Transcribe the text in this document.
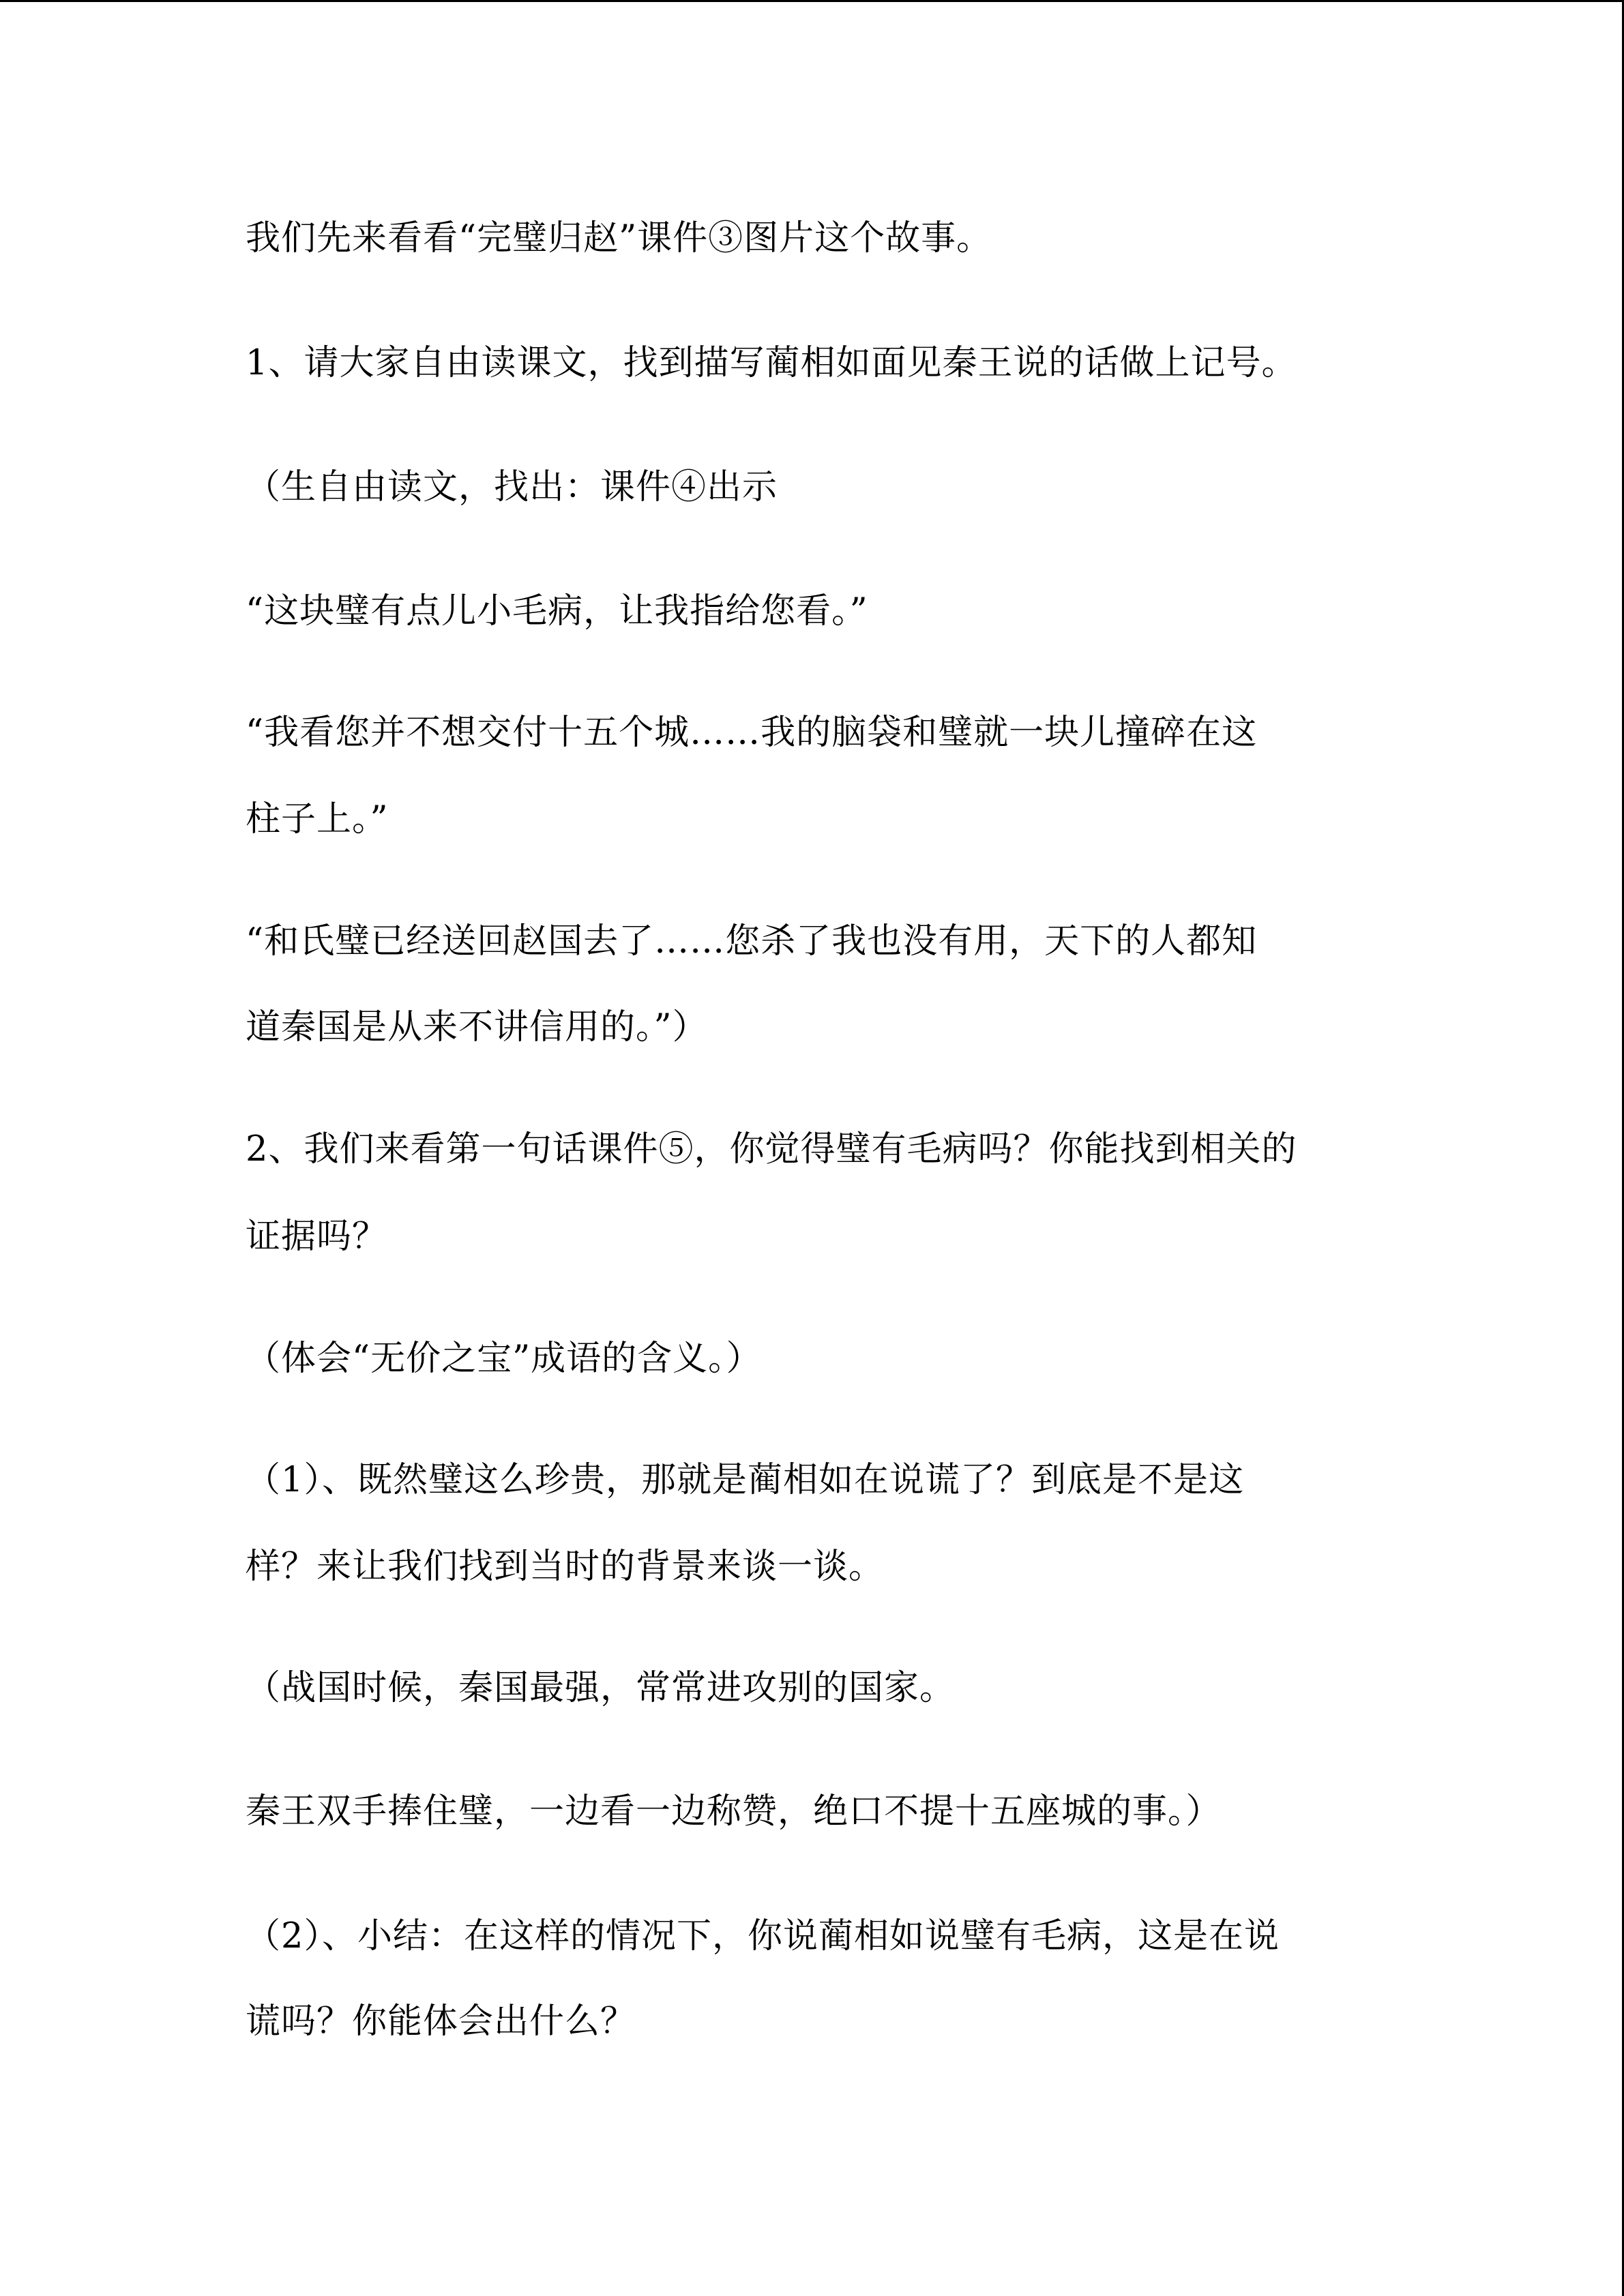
我们先来看看“完璧归赵”课件③图片这个故事。
1、请大家自由读课文，找到描写蔺相如面见秦王说的话做上记号。
（生自由读文，找出：课件④出示
“这块璧有点儿小毛病，让我指给您看。”
“我看您并不想交付十五个城……我的脑袋和璧就一块儿撞碎在这
柱子上。”
“和氏璧已经送回赵国去了……您杀了我也没有用，天下的人都知
道秦国是从来不讲信用的。”）
2、我们来看第一句话课件⑤，你觉得璧有毛病吗？你能找到相关的
证据吗？
（体会“无价之宝”成语的含义。）
（1）、既然璧这么珍贵，那就是蔺相如在说谎了？到底是不是这
样？来让我们找到当时的背景来谈一谈。
（战国时候，秦国最强，常常进攻别的国家。
秦王双手捧住璧，一边看一边称赞，绝口不提十五座城的事。）
（2）、小结：在这样的情况下，你说蔺相如说璧有毛病，这是在说
谎吗？你能体会出什么？
